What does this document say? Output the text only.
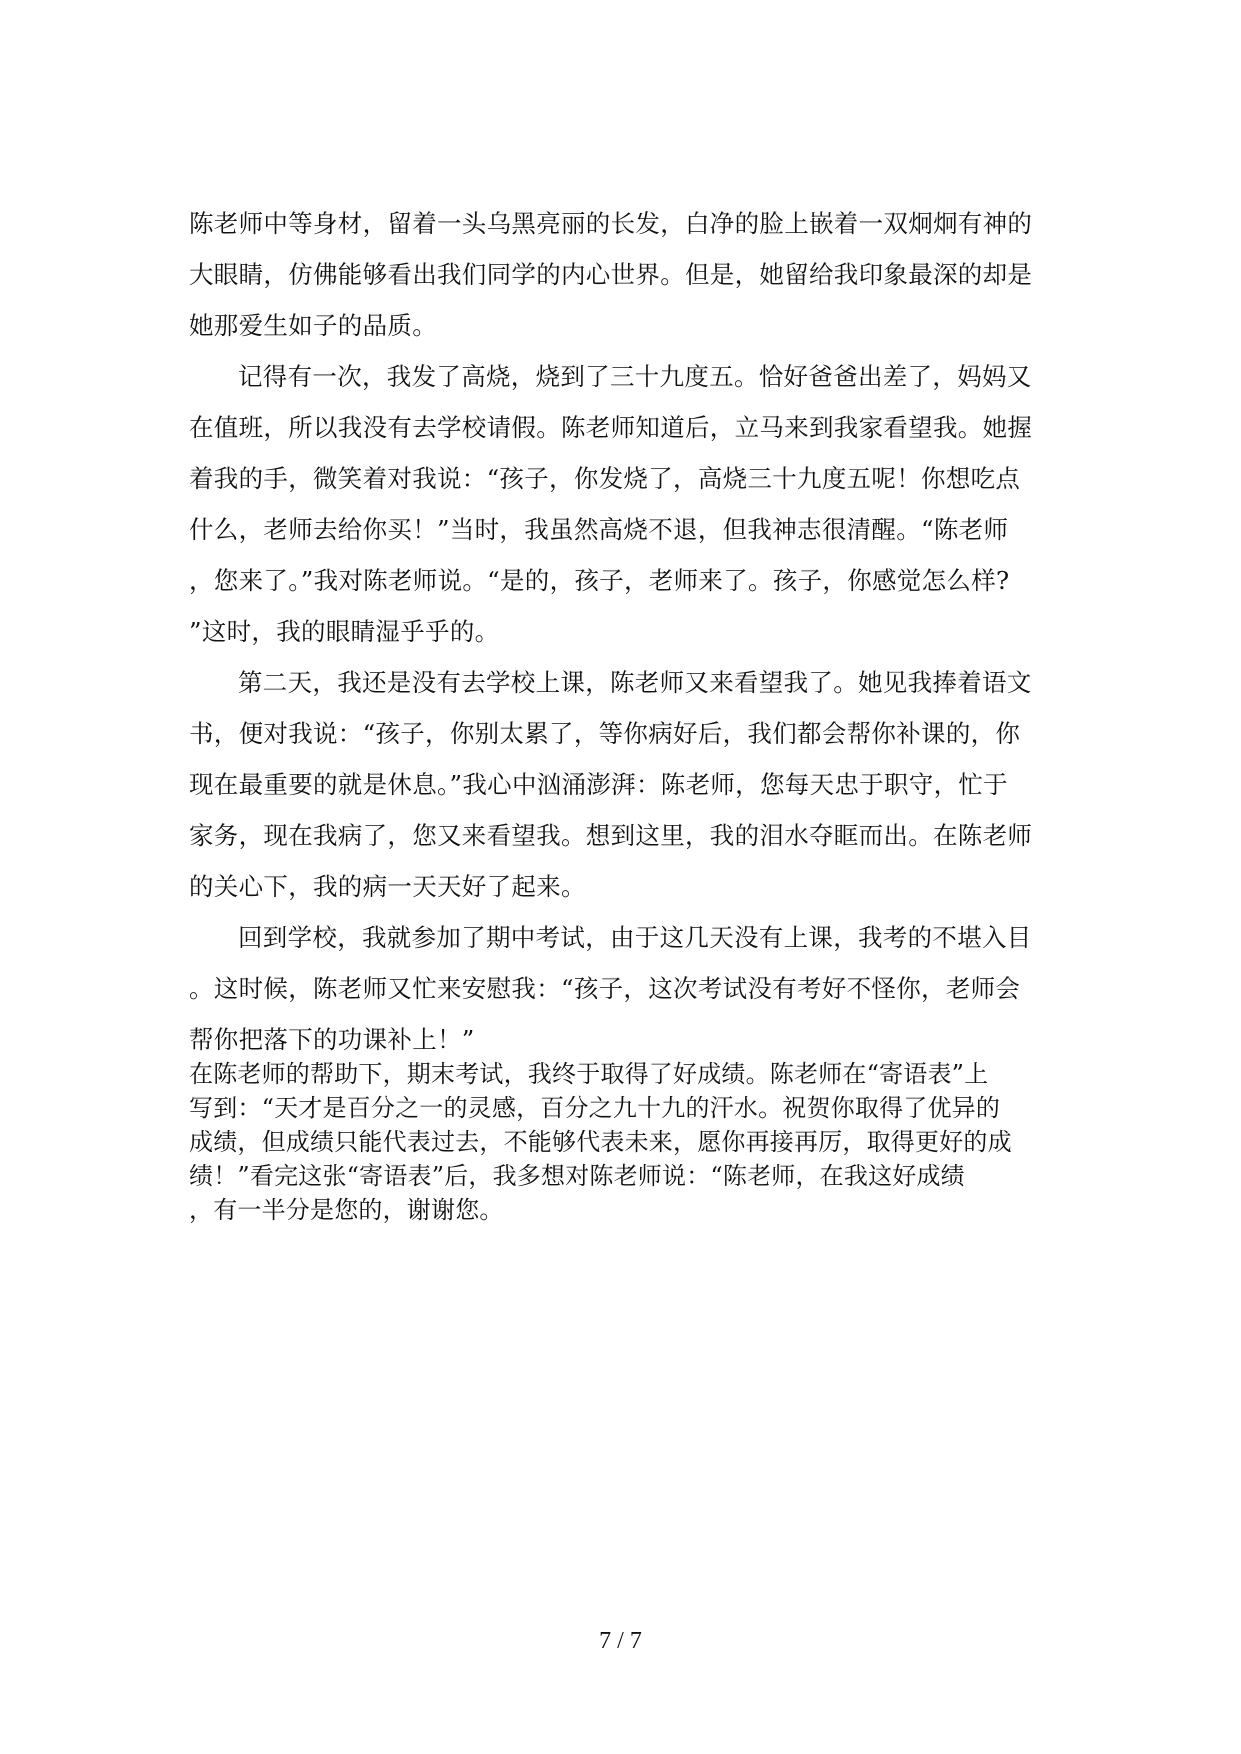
陈老师中等身材，留着一头乌黑亮丽的长发，白净的脸上嵌着一双炯炯有神的
大眼睛，仿佛能够看出我们同学的内心世界。但是，她留给我印象最深的却是
她那爱生如子的品质。
记得有一次，我发了高烧，烧到了三十九度五。恰好爸爸出差了，妈妈又
在值班，所以我没有去学校请假。陈老师知道后，立马来到我家看望我。她握
着我的手，微笑着对我说：“孩子，你发烧了，高烧三十九度五呢！你想吃点
什么，老师去给你买！”当时，我虽然高烧不退，但我神志很清醒。“陈老师
，您来了。”我对陈老师说。“是的，孩子，老师来了。孩子，你感觉怎么样?
”这时，我的眼睛湿乎乎的。
第二天，我还是没有去学校上课，陈老师又来看望我了。她见我捧着语文
书，便对我说：“孩子，你别太累了，等你病好后，我们都会帮你补课的，你
现在最重要的就是休息。”我心中汹涌澎湃：陈老师，您每天忠于职守，忙于
家务，现在我病了，您又来看望我。想到这里，我的泪水夺眶而出。在陈老师
的关心下，我的病一天天好了起来。
回到学校，我就参加了期中考试，由于这几天没有上课，我考的不堪入目
。这时候，陈老师又忙来安慰我：“孩子，这次考试没有考好不怪你，老师会
帮你把落下的功课补上！”
在陈老师的帮助下，期末考试，我终于取得了好成绩。陈老师在“寄语表”上
写到：“天才是百分之一的灵感，百分之九十九的汗水。祝贺你取得了优异的
成绩，但成绩只能代表过去，不能够代表未来，愿你再接再厉，取得更好的成
绩！”看完这张“寄语表”后，我多想对陈老师说：“陈老师，在我这好成绩
，有一半分是您的，谢谢您。
7 / 7
